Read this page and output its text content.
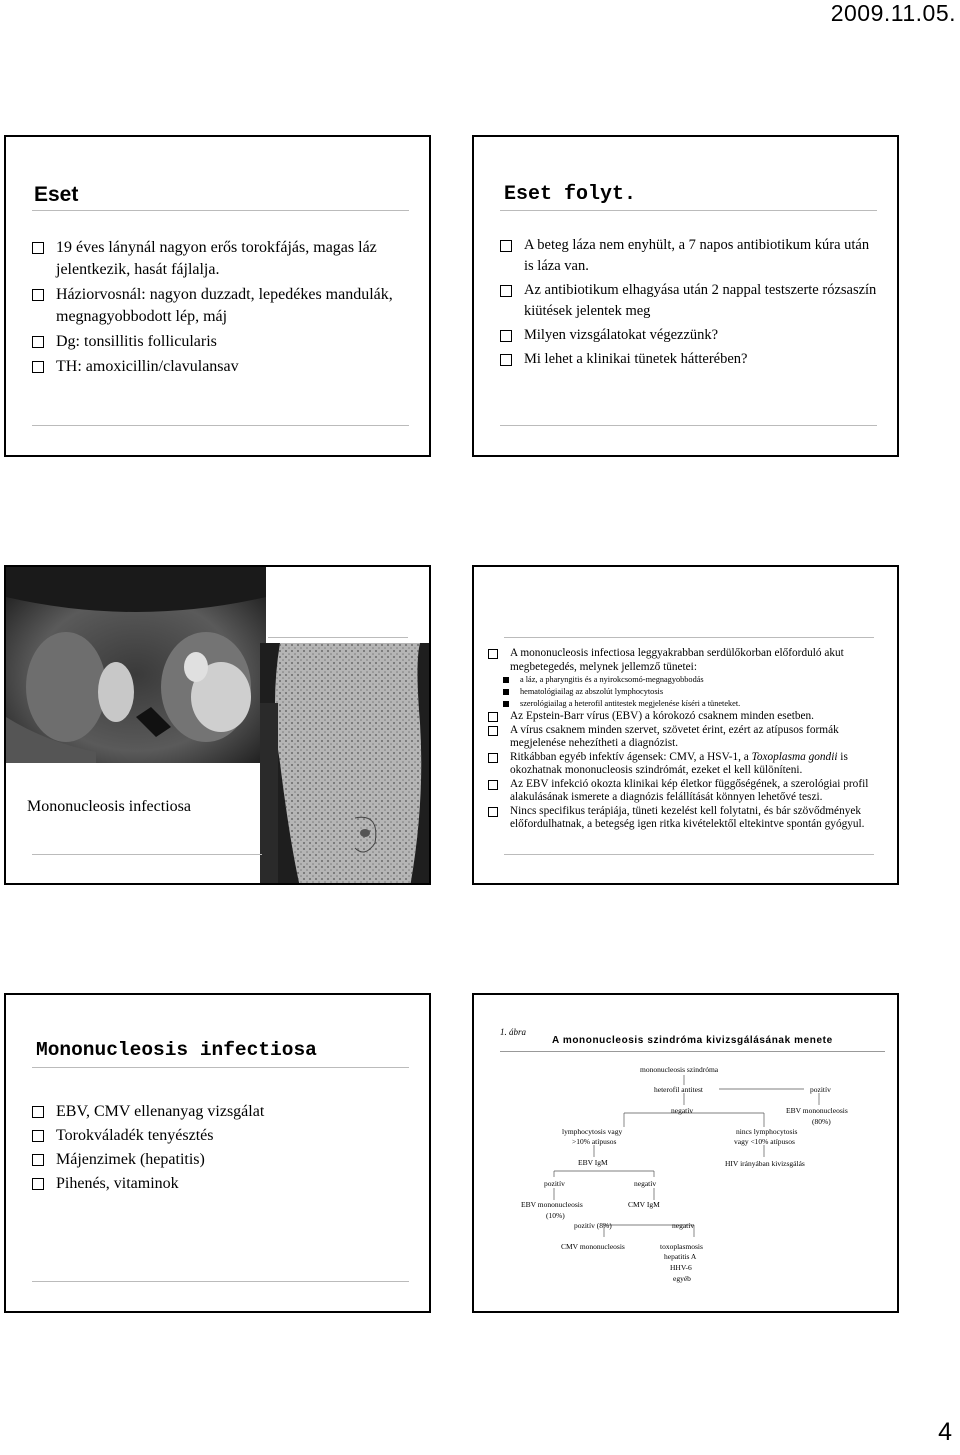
2009.11.05.
Eset
19 éves lánynál nagyon erős torokfájás, magas láz jelentkezik, hasát fájlalja.
Háziorvosnál: nagyon duzzadt, lepedékes mandulák, megnagyobbodott lép, máj
Dg: tonsillitis follicularis
TH: amoxicillin/clavulansav
Eset folyt.
A beteg láza nem enyhült, a 7 napos antibiotikum kúra után is láza van.
Az antibiotikum elhagyása után 2 nappal testszerte rózsaszín kiütések jelentek meg
Milyen vizsgálatokat végezzünk?
Mi lehet a klinikai tünetek hátterében?
Mononucleosis infectiosa
A mononucleosis infectiosa leggyakrabban serdülőkorban előforduló akut megbetegedés, melynek jellemző tünetei:
a láz, a pharyngitis és a nyirokcsomó-megnagyobbodás
hematológiailag az abszolút lymphocytosis
szerológiailag a heterofil antitestek megjelenése kíséri a tüneteket.
Az Epstein-Barr vírus (EBV) a kórokozó csaknem minden esetben.
A vírus csaknem minden szervet, szövetet érint, ezért az atípusos formák megjelenése nehezítheti a diagnózist.
Ritkábban egyéb infektív ágensek: CMV, a HSV-1, a Toxoplasma gondii is okozhatnak mononucleosis szindrómát, ezeket el kell különíteni.
Az EBV infekció okozta klinikai kép életkor függőségének, a szerológiai profil alakulásának ismerete a diagnózis felállítását könnyen lehetővé teszi.
Nincs specifikus terápiája, tüneti kezelést kell folytatni, és bár szövődmények előfordulhatnak, a betegség igen ritka kivételektől eltekintve spontán gyógyul.
Mononucleosis infectiosa
EBV, CMV ellenanyag vizsgálat
Torokváladék tenyésztés
Májenzimek (hepatitis)
Pihenés, vitaminok
1. ábra
A mononucleosis szindróma kivizsgálásának menete
mononucleosis szindróma
heterofil antitest	pozitív
negatív	EBV mononucleosis
(80%)
lymphocytosis vagy
>10% atípusos
nincs lymphocytosis
vagy <10% atípusos
EBV IgM	HIV irányában kivizsgálás
pozitív	negatív
EBV mononucleosis
(10%)
CMV IgM
pozitív (8%)	negatív
CMV mononucleosis	toxoplasmosis
hepatitis A
HHV-6
egyéb
4
